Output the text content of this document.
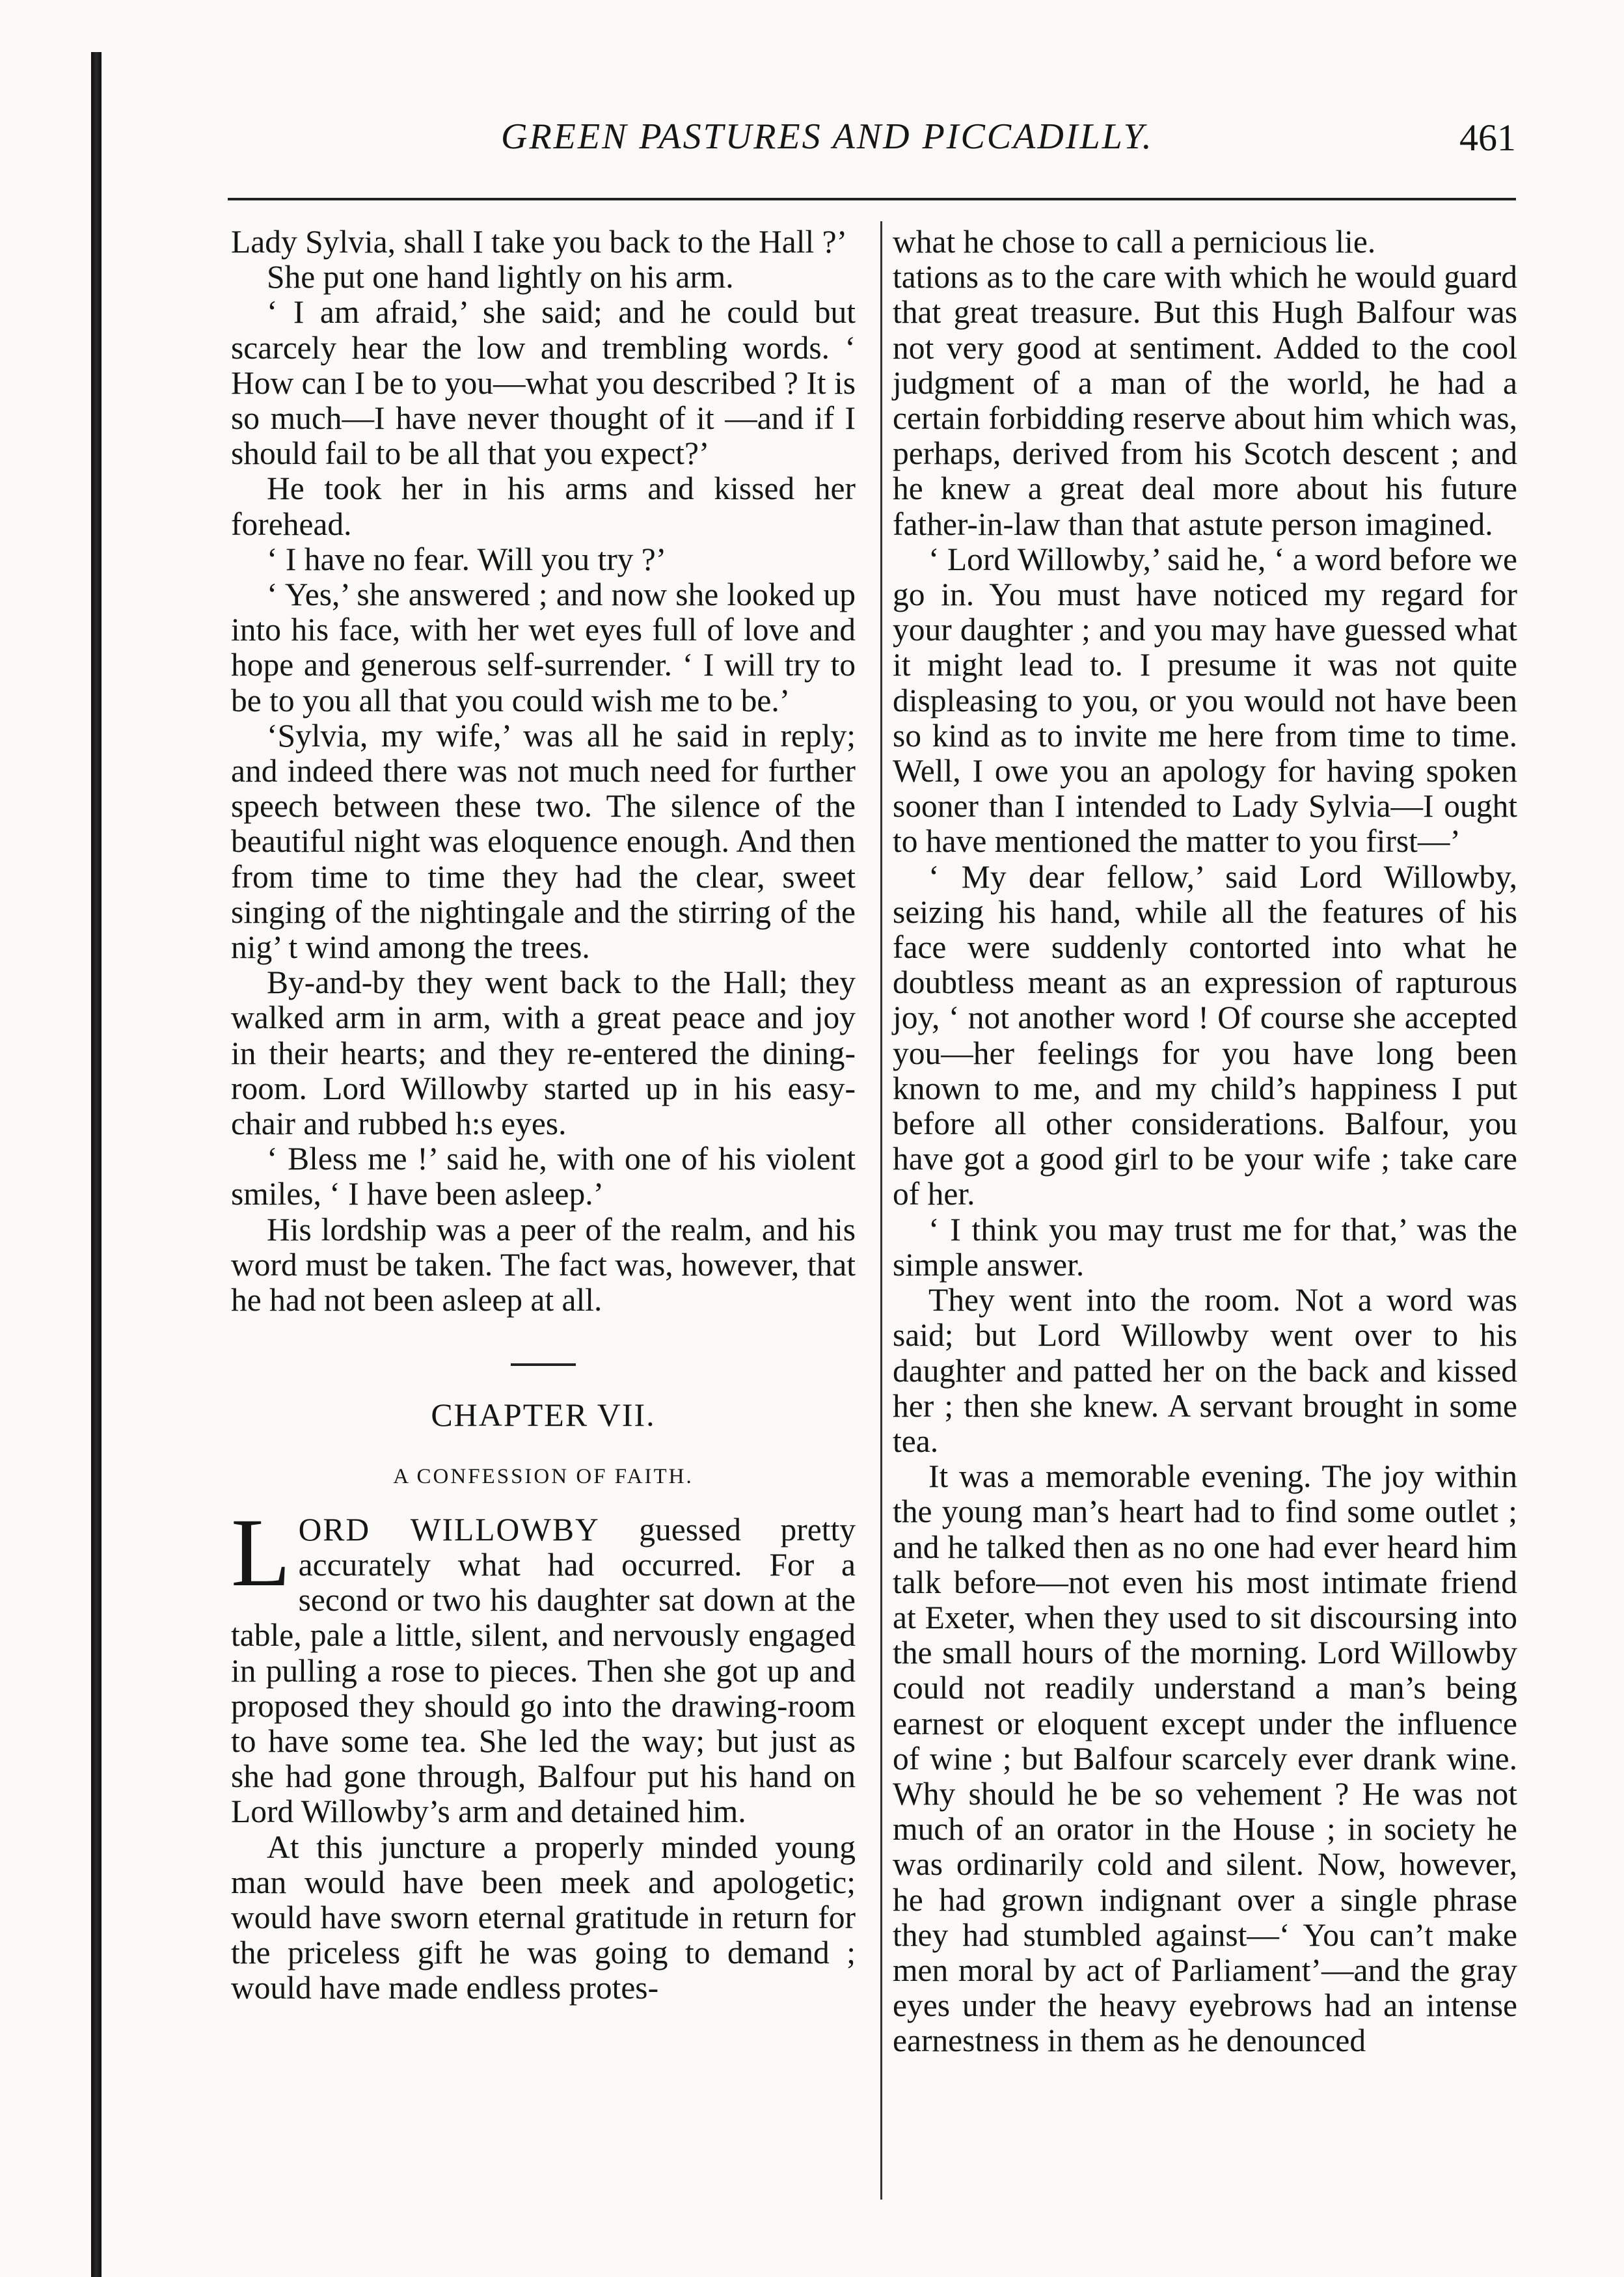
GREEN PASTURES AND PICCADILLY.	461

Lady Sylvia, shall I take you back to the Hall ?’

She put one hand lightly on his arm.

‘ I am afraid,’ she said; and he could but scarcely hear the low and trembling words. ‘ How can I be to you—what you described ? It is so much—I have never thought of it —and if I should fail to be all that you expect?’

He took her in his arms and kissed her forehead.

‘ I have no fear. Will you try ?’

‘ Yes,’ she answered ; and now she looked up into his face, with her wet eyes full of love and hope and generous self-surrender. ‘ I will try to be to you all that you could wish me to be.’

‘Sylvia, my wife,’ was all he said in reply; and indeed there was not much need for further speech between these two. The silence of the beautiful night was eloquence enough. And then from time to time they had the clear, sweet singing of the nightingale and the stirring of the nig’ t wind among the trees.

By-and-by they went back to the Hall; they walked arm in arm, with a great peace and joy in their hearts; and they re-entered the dining-room. Lord Willowby started up in his easy-chair and rubbed h:s eyes.

‘ Bless me !’ said he, with one of his violent smiles, ‘ I have been asleep.’

His lordship was a peer of the realm, and his word must be taken. The fact was, however, that he had not been asleep at all.

CHAPTER VII.
A CONFESSION OF FAITH.

LORD WILLOWBY guessed pretty accurately what had occurred. For a second or two his daughter sat down at the table, pale a little, silent, and nervously engaged in pulling a rose to pieces. Then she got up and proposed they should go into the drawing-room to have some tea. She led the way; but just as she had gone through, Balfour put his hand on Lord Willowby’s arm and detained him.

At this juncture a properly minded young man would have been meek and apologetic; would have sworn eternal gratitude in return for the priceless gift he was going to demand ; would have made endless protes-

what he chose to call a pernicious lie.

tations as to the care with which he would guard that great treasure. But this Hugh Balfour was not very good at sentiment. Added to the cool judgment of a man of the world, he had a certain forbidding reserve about him which was, perhaps, derived from his Scotch descent ; and he knew a great deal more about his future father-in-law than that astute person imagined.

‘ Lord Willowby,’ said he, ‘ a word before we go in. You must have noticed my regard for your daughter ; and you may have guessed what it might lead to. I presume it was not quite displeasing to you, or you would not have been so kind as to invite me here from time to time. Well, I owe you an apology for having spoken sooner than I intended to Lady Sylvia—I ought to have mentioned the matter to you first—’

‘ My dear fellow,’ said Lord Willowby, seizing his hand, while all the features of his face were suddenly contorted into what he doubtless meant as an expression of rapturous joy, ‘ not another word ! Of course she accepted you—her feelings for you have long been known to me, and my child’s happiness I put before all other considerations. Balfour, you have got a good girl to be your wife ; take care of her.

‘ I think you may trust me for that,’ was the simple answer.

They went into the room. Not a word was said; but Lord Willowby went over to his daughter and patted her on the back and kissed her ; then she knew. A servant brought in some tea.

It was a memorable evening. The joy within the young man’s heart had to find some outlet ; and he talked then as no one had ever heard him talk before—not even his most intimate friend at Exeter, when they used to sit discoursing into the small hours of the morning. Lord Willowby could not readily understand a man’s being earnest or eloquent except under the influence of wine ; but Balfour scarcely ever drank wine. Why should he be so vehement ? He was not much of an orator in the House ; in society he was ordinarily cold and silent. Now, however, he had grown indignant over a single phrase they had stumbled against—‘ You can’t make men moral by act of Parliament’—and the gray eyes under the heavy eyebrows had an intense earnestness in them as he denounced
